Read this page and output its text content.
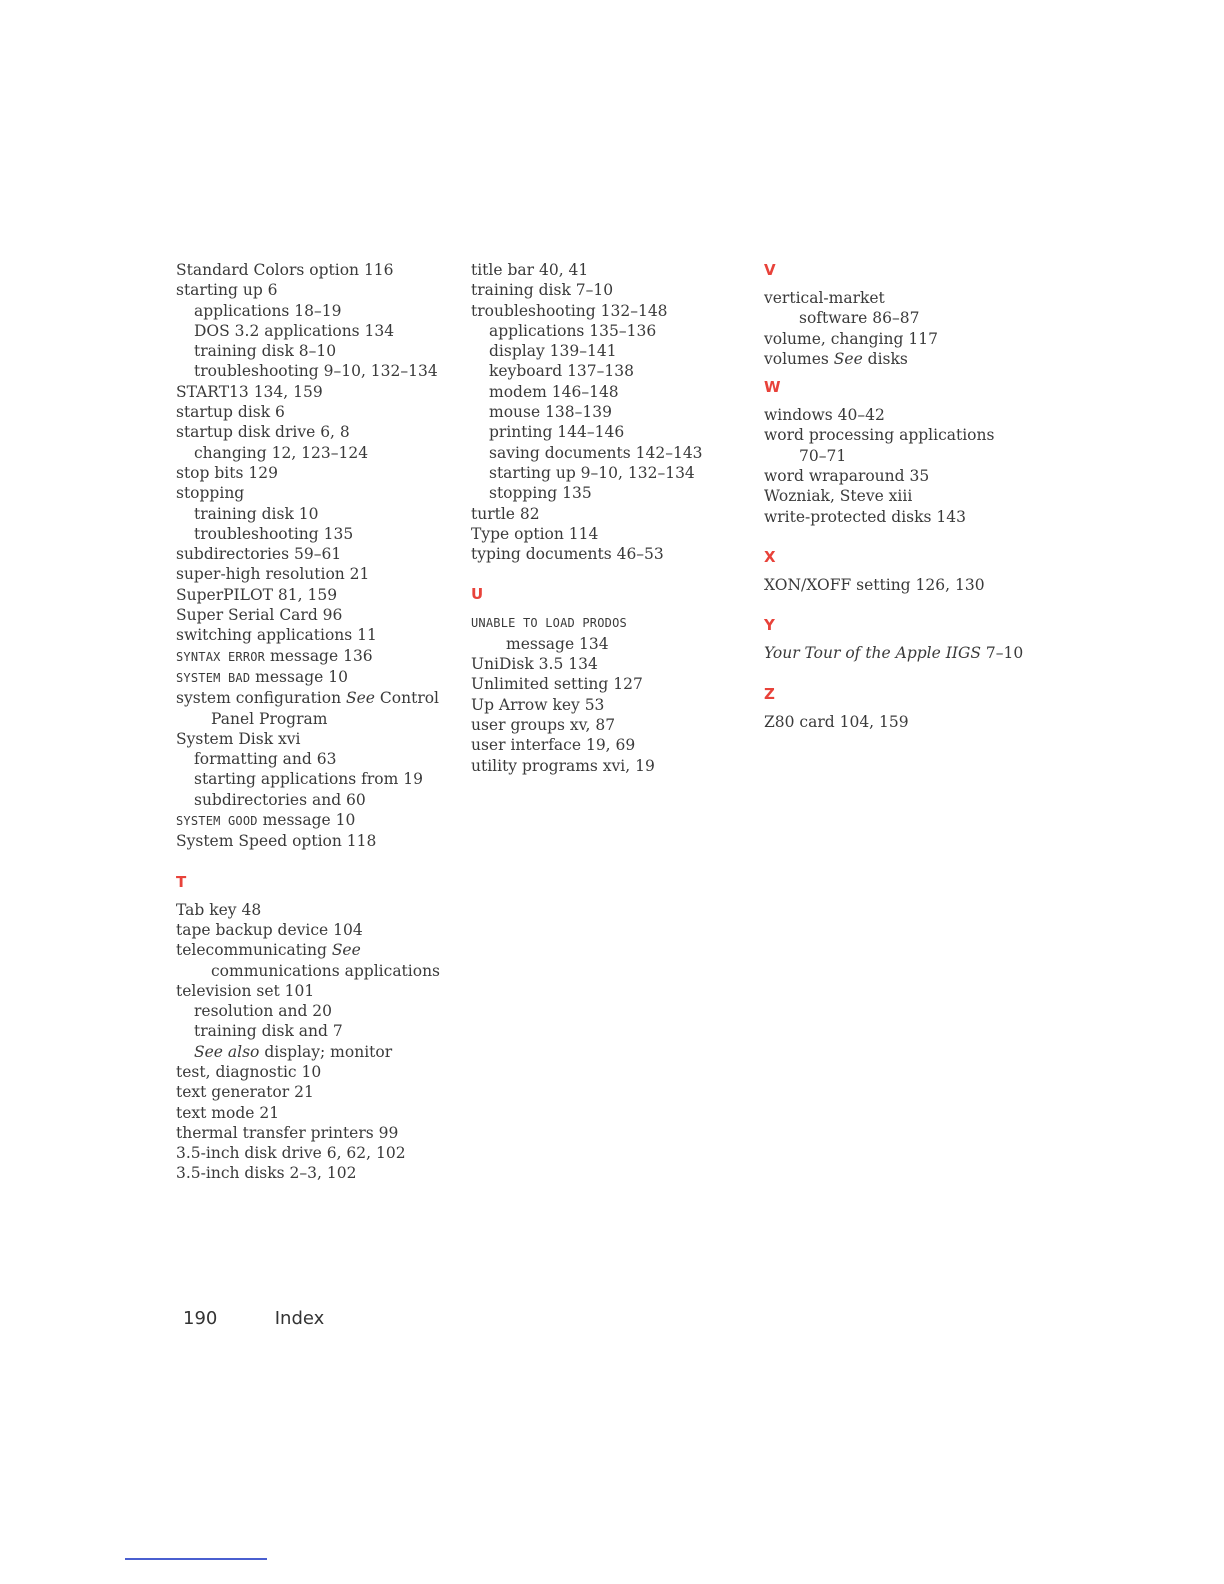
Standard Colors option 116
starting up 6
applications 18–19
DOS 3.2 applications 134
training disk 8–10
troubleshooting 9–10, 132–134
START13 134, 159
startup disk 6
startup disk drive 6, 8
changing 12, 123–124
stop bits 129
stopping
training disk 10
troubleshooting 135
subdirectories 59–61
super-high resolution 21
SuperPILOT 81, 159
Super Serial Card 96
switching applications 11
SYNTAX ERROR message 136
SYSTEM BAD message 10
system configuration See Control
Panel Program
System Disk xvi
formatting and 63
starting applications from 19
subdirectories and 60
SYSTEM GOOD message 10
System Speed option 118
T
Tab key 48
tape backup device 104
telecommunicating See
communications applications
television set 101
resolution and 20
training disk and 7
See also display; monitor
test, diagnostic 10
text generator 21
text mode 21
thermal transfer printers 99
3.5-inch disk drive 6, 62, 102
3.5-inch disks 2–3, 102
title bar 40, 41
training disk 7–10
troubleshooting 132–148
applications 135–136
display 139–141
keyboard 137–138
modem 146–148
mouse 138–139
printing 144–146
saving documents 142–143
starting up 9–10, 132–134
stopping 135
turtle 82
Type option 114
typing documents 46–53
U
UNABLE TO LOAD PRODOS
message 134
UniDisk 3.5 134
Unlimited setting 127
Up Arrow key 53
user groups xv, 87
user interface 19, 69
utility programs xvi, 19
V
vertical-market
software 86–87
volume, changing 117
volumes See disks
W
windows 40–42
word processing applications
70–71
word wraparound 35
Wozniak, Steve xiii
write-protected disks 143
X
XON/XOFF setting 126, 130
Y
Your Tour of the Apple IIGS 7–10
Z
Z80 card 104, 159
190	Index
